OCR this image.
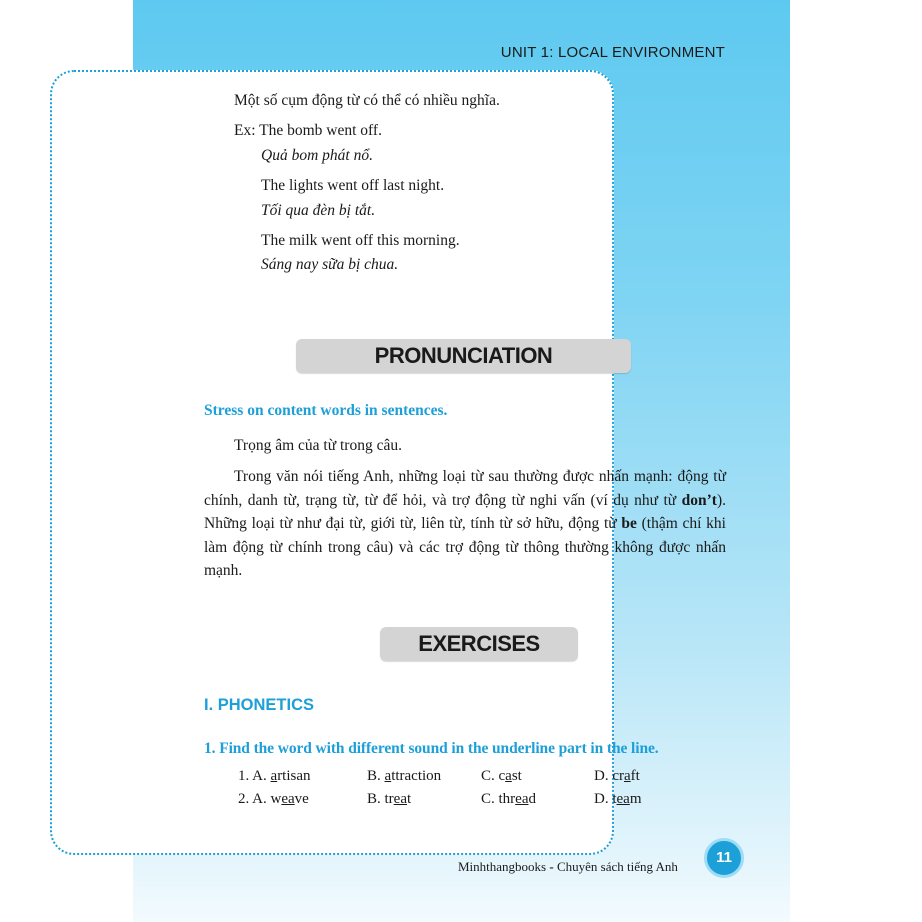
UNIT 1: LOCAL ENVIRONMENT
Một số cụm động từ có thể có nhiều nghĩa.
Ex: The bomb went off.
Quả bom phát nổ.
The lights went off last night.
Tối qua đèn bị tắt.
The milk went off this morning.
Sáng nay sữa bị chua.
PRONUNCIATION
Stress on content words in sentences.
Trọng âm của từ trong câu.

Trong văn nói tiếng Anh, những loại từ sau thường được nhấn mạnh: động từ chính, danh từ, trạng từ, từ để hỏi, và trợ động từ nghi vấn (ví dụ như từ don’t). Những loại từ như đại từ, giới từ, liên từ, tính từ sở hữu, động từ be (thậm chí khi làm động từ chính trong câu) và các trợ động từ thông thường không được nhấn mạnh.

EXERCISES
I. PHONETICS
1. Find the word with different sound in the underline part in the line.
1. A. artisan	B. attraction	C. cast	D. craft
2. A. weave	B. treat	C. thread	D. team
Minhthangbooks - Chuyên sách tiếng Anh
11
